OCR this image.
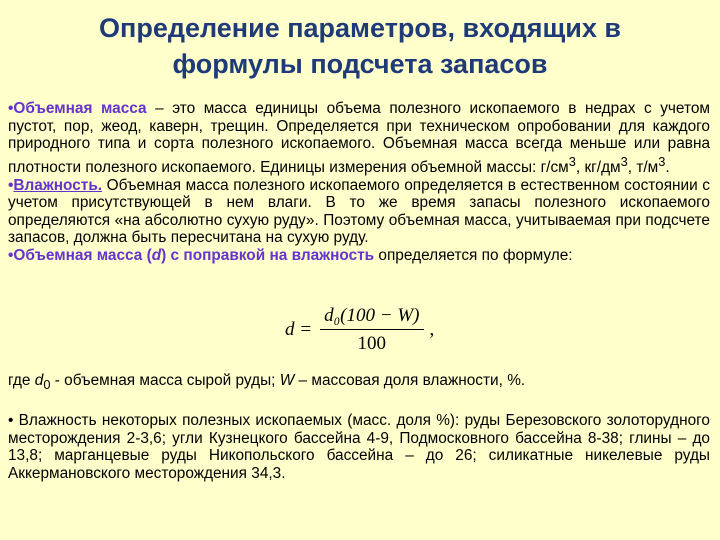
Определение параметров, входящих в
формулы подсчета запасов

•Объемная масса – это масса единицы объема полезного ископаемого в недрах с учетом пустот, пор, жеод, каверн, трещин. Определяется при техническом опробовании для каждого природного типа и сорта полезного ископаемого. Объемная масса всегда меньше или равна плотности полезного ископаемого. Единицы измерения объемной массы: $г/см^3$, $кг/дм^3$, $т/м^3$.

•Влажность. Объемная масса полезного ископаемого определяется в естественном состоянии с учетом присутствующей в нем влаги. В то же время запасы полезного ископаемого определяются «на абсолютно сухую руду». Поэтому объемная масса, учитываемая при подсчете запасов, должна быть пересчитана на сухую руду.

•Объемная масса (d) с поправкой на влажность определяется по формуле:

$d = \frac{\text{d₀(100 − W)}}{100}$ ,
где $d_0$ - объемная масса сырой руды; W – массовая доля влажности, %.
• Влажность некоторых полезных ископаемых (масс. доля %): руды Березовского золоторудного месторождения 2-3,6; угли Кузнецкого бассейна 4-9, Подмосковного бассейна 8-38; глины – до 13,8; марганцевые руды Никопольского бассейна – до 26; силикатные никелевые руды Аккермановского месторождения 34,3.
